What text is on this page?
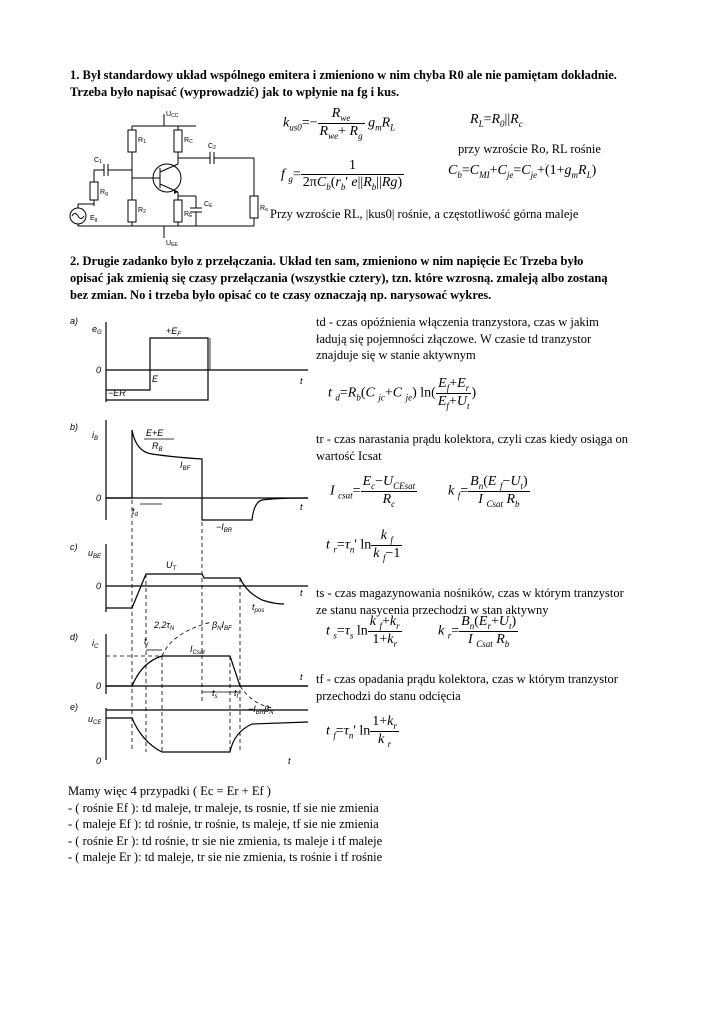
1. Był standardowy układ wspólnego emitera i zmieniono w nim chyba R0 ale nie pamiętam dokładnie.
Trzeba było napisać (wyprowadzić) jak to wpłynie na fg i kus.
UCC
UEE
R1
R2
RC
RE
Rg
C1
C2
CE
Eg
Ro
$k_{us0}=- \frac{R_{we}}{R_{we}+ R_g} g_mR_L$
$R_L=R_0||R_c$
przy wzroście Ro, RL rośnie
f $_g= \frac{1}{2\pi C_b(r_b' e||R_b||Rg)}$	$C_b=C_{MI}+C_{je}=C_{je}+(1+g_mR_L)$
Przy wzroście RL, |kus0| rośnie, a częstotliwość górna maleje
2. Drugie zadanko było z przełączania. Układ ten sam, zmieniono w nim napięcie Ec Trzeba było
opisać jak zmienią się czasy przełączania (wszystkie cztery), tzn. które wzrosną. zmaleją albo zostaną
bez zmian. No i trzeba było opisać co te czasy oznaczają np. narysować wykres.
a)
b)
c)
d)
e)
$e_G$	$+E_F$
−ER
E
0
t
$i_B$
E+E
$R_B$
$I_{BF}$
$-I_{BR}$
$t_d$
0
t
$u_{BE}$
$U_T$
$t_{pos}$
0
t
$i_C$
$2,2\tau_N$	$\beta_NI_{BF}$
$I_{Csat}$
$t_r$
$t_s$ $t_f$
$-I_{BR}\beta_N$
0
t
$u_{CE}$
0	t
td - czas opóźnienia włączenia tranzystora, czas w jakim
ładują się pojemności złączowe. W czasie td tranzystor
znajduje się w stanie aktywnym
t $_d=R_b(C$ $_{jc}$+C $_{je}$) $\ln( \frac{E_f+E_r}{E_f+U_t}$ )
tr - czas narastania prądu kolektora, czyli czas kiedy osiąga on
wartość Icsat
I $_{csat}= \frac{E_c-U_{CEsat}}{R_c}$ k $_f= \frac{B_n(E _f-U_t)}{I _{Csat} R_b}$
t $_r=\tau_n'$ $\ln \frac{k _f}{k _f-1}$
ts - czas magazynowania nośników, czas w którym tranzystor
ze stanu nasycenia przechodzi w stan aktywny
t $_s=\tau_s$ $\ln \frac{k _f+k_r}{1+k_r}$	k $_r= \frac{B_n(E_r+U_t)}{I _{Csat} R_b}$
tf - czas opadania prądu kolektora, czas w którym tranzystor
przechodzi do stanu odcięcia
t $_f=\tau_n'$ $\ln \frac{1+k_r}{k _r}$
Mamy więc 4 przypadki ( Ec = Er + Ef )
- ( rośnie Ef ): td maleje, tr maleje, ts rosnie, tf sie nie zmienia
- ( maleje Ef ): td rośnie, tr rośnie, ts maleje, tf sie nie zmienia
- ( rośnie Er ): td rośnie, tr sie nie zmienia, ts maleje i tf maleje
- ( maleje Er ): td maleje, tr sie nie zmienia, ts rośnie i tf rośnie
